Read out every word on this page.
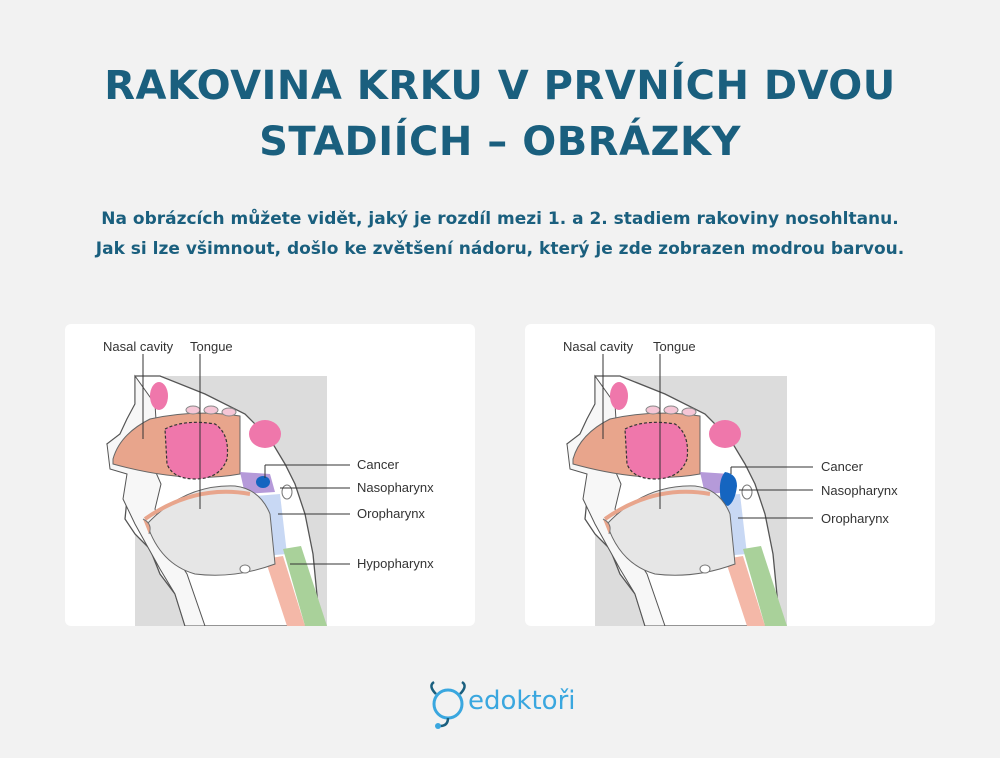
RAKOVINA KRKU V PRVNÍCH DVOU
STADIÍCH – OBRÁZKY
Na obrázcích můžete vidět, jaký je rozdíl mezi 1. a 2. stadiem rakoviny nosohltanu.
Jak si lze všimnout, došlo ke zvětšení nádoru, který je zde zobrazen modrou barvou.
Nasal cavity Tongue
Cancer
Nasopharynx
Oropharynx
Hypopharynx
Nasal cavity Tongue
Cancer
Nasopharynx
Oropharynx
edoktoři
